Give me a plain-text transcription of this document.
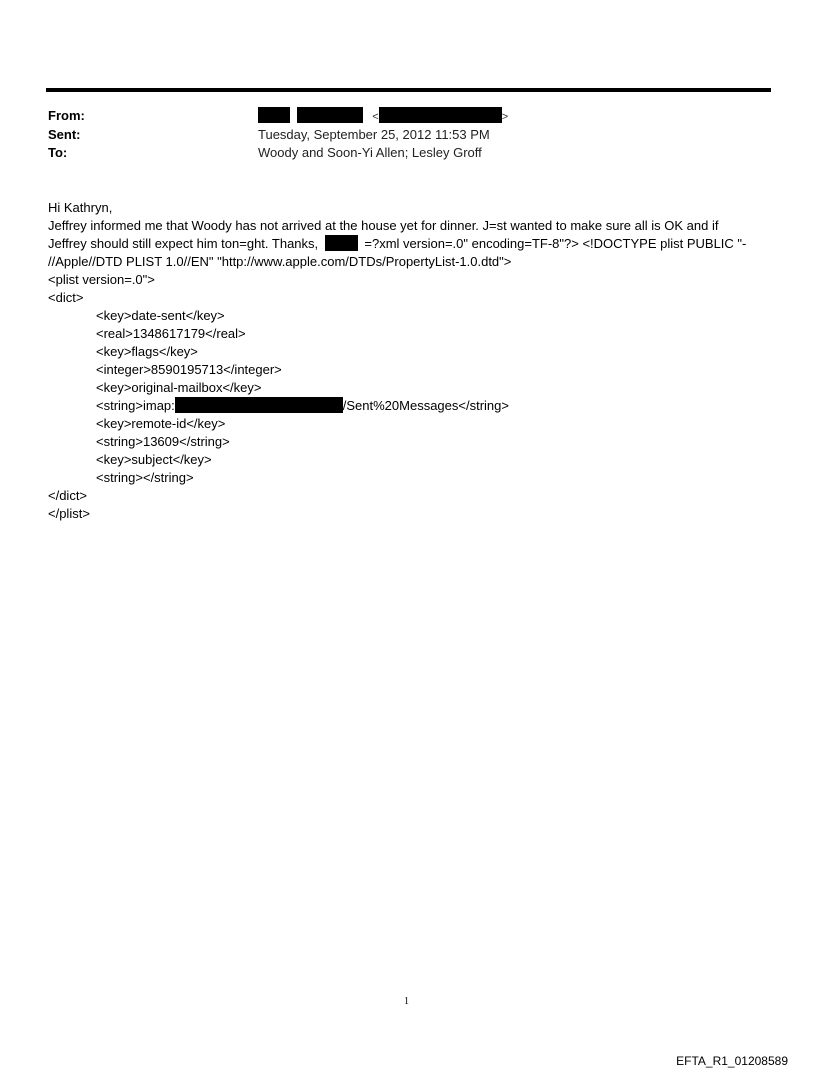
From:	<	>
Sent:	Tuesday, September 25, 2012 11:53 PM
To:	Woody and Soon-Yi Allen; Lesley Groff
Hi Kathryn,
Jeffrey informed me that Woody has not arrived at the house yet for dinner. J=st wanted to make sure all is OK and if
Jeffrey should still expect him ton=ght. Thanks,	=?xml version=.0" encoding=TF-8"?> <!DOCTYPE plist PUBLIC "-
//Apple//DTD PLIST 1.0//EN" "http://www.apple.com/DTDs/PropertyList-1.0.dtd">
<plist version=.0">
<dict>
<key>date-sent</key>
<real>1348617179</real>
<key>flags</key>
<integer>8590195713</integer>
<key>original-mailbox</key>
<string>imap:	/Sent%20Messages</string>
<key>remote-id</key>
<string>13609</string>
<key>subject</key>
<string></string>
</dict>
</plist>
1
EFTA_R1_01208589
